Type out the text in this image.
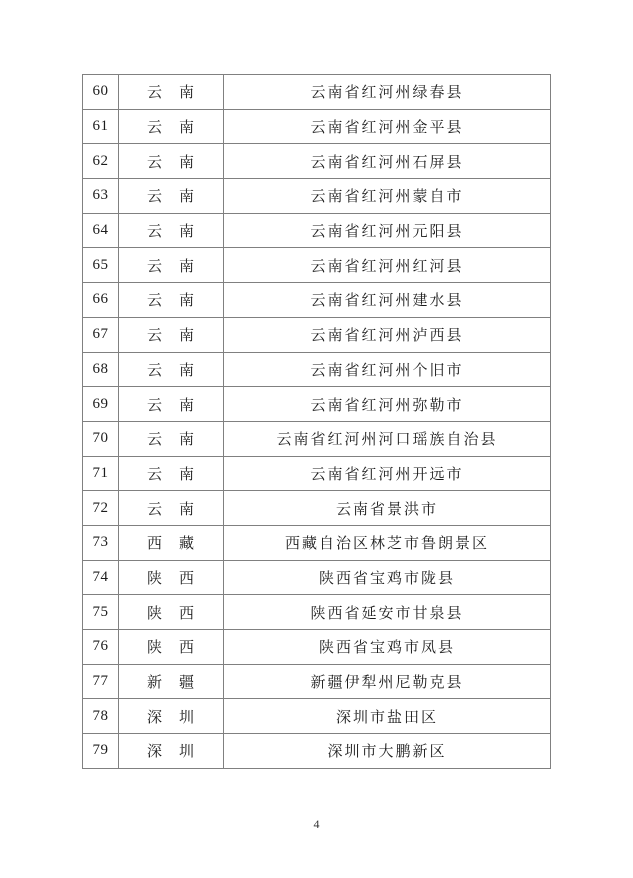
60	云　南	云南省红河州绿春县
61	云　南	云南省红河州金平县
62	云　南	云南省红河州石屏县
63	云　南	云南省红河州蒙自市
64	云　南	云南省红河州元阳县
65	云　南	云南省红河州红河县
66	云　南	云南省红河州建水县
67	云　南	云南省红河州泸西县
68	云　南	云南省红河州个旧市
69	云　南	云南省红河州弥勒市
70	云　南	云南省红河州河口瑶族自治县
71	云　南	云南省红河州开远市
72	云　南	云南省景洪市
73	西　藏	西藏自治区林芝市鲁朗景区
74	陕　西	陕西省宝鸡市陇县
75	陕　西	陕西省延安市甘泉县
76	陕　西	陕西省宝鸡市凤县
77	新　疆	新疆伊犁州尼勒克县
78	深　圳	深圳市盐田区
79	深　圳	深圳市大鹏新区
4
